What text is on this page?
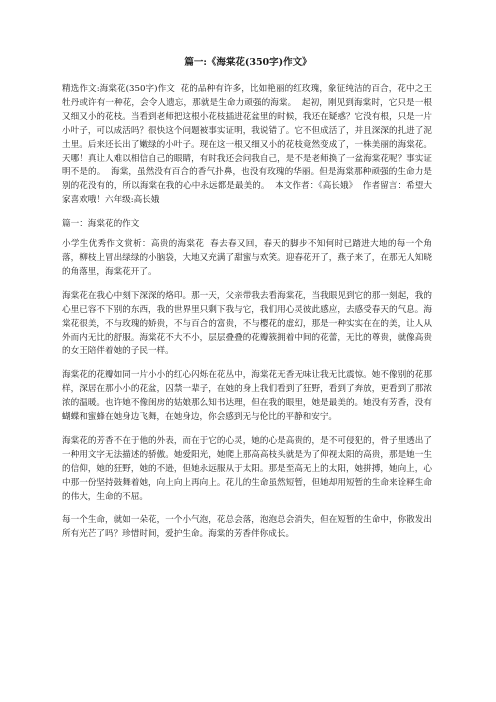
篇一:《海棠花(350字)作文》

精选作文:海棠花(350字)作文  花的品种有许多，比如艳丽的红玫瑰，象征纯洁的百合，花中之王牡丹或许有一种花，会令人遗忘，那就是生命力顽强的海棠。  起初，刚见到海棠时，它只是一根又细又小的花枝。当看到老师把这根小花枝插进花盆里的时候，我还在疑惑？它没有根，只是一片小叶子，可以成活吗？很快这个问题被事实证明，我说错了。它不但成活了，并且深深的扎进了泥土里。后来还长出了嫩绿的小叶子。现在这一根又细又小的花枝竟然变成了，一株美丽的海棠花。天哪！真让人难以相信自己的眼睛，有时我还会问我自己，是不是老师换了一盆海棠花呢？事实证明不是的。  海棠，虽然没有百合的香气扑鼻，也没有玫瑰的华丽。但是海棠那种顽强的生命力是别的花没有的，所以海棠在我的心中永远都是最美的。  本文作者：《高长娥》  作者留言：希望大家喜欢哦！六年级:高长娥

篇一：海棠花的作文

小学生优秀作文赏析：高贵的海棠花  春去春又回，春天的脚步不知何时已踏进大地的每一个角落，柳枝上冒出绿绿的小脑袋，大地又充满了甜蜜与欢笑。迎春花开了，燕子来了，在那无人知晓的角落里，海棠花开了。

海棠花在我心中刻下深深的烙印。那一天，父亲带我去看海棠花，当我眼见到它的那一刻起，我的心里已容不下别的东西，我的世界里只剩下我与它，我们用心灵彼此感应，去感受春天的气息。海棠花很美，不与玫瑰的娇贵，不与百合的富贵，不与樱花的虚幻，那是一种实实在在的美，让人从外而内无比的舒服。海棠花不大不小，层层叠叠的花瓣簇拥着中间的花蕾，无比的尊贵，就像高贵的女王陪伴着她的子民一样。

海棠花的花瓣如同一片小小的红心闪烁在花丛中，海棠花无香无味让我无比震惊。她不像别的花那样，深居在那小小的花盆，囚禁一辈子，在她的身上我们看到了狂野，看到了奔放，更看到了那浓浓的温暖。也许她不像闺房的姑娘那么知书达理，但在我的眼里，她是最美的。她没有芳香，没有蝴蝶和蜜蜂在她身边飞舞，在她身边，你会感到无与伦比的平静和安宁。

海棠花的芳香不在于他的外表，而在于它的心灵，她的心是高贵的，是不可侵犯的，骨子里透出了一种用文字无法描述的骄傲。她爱阳光，她爬上那高高枝头就是为了仰视太阳的高贵，那是她一生的信仰，她的狂野，她的不逊，但她永远服从于太阳。那是至高无上的太阳，她拼搏，她向上，心中那一份坚持鼓舞着她，向上向上再向上。花儿的生命虽然短暂，但她却用短暂的生命来诠释生命的伟大，生命的不屈。

每一个生命，就如一朵花，一个小气泡，花总会落，泡泡总会消失，但在短暂的生命中，你散发出所有光芒了吗？珍惜时间，爱护生命。海棠的芳香伴你成长。
